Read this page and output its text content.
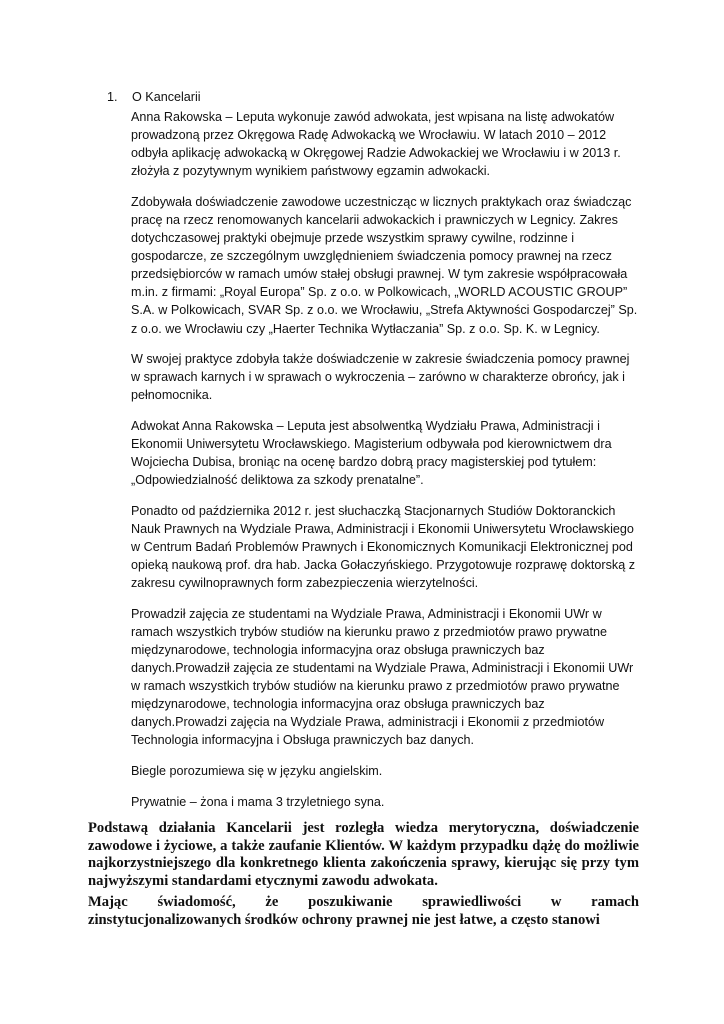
1. O Kancelarii

Anna Rakowska – Leputa wykonuje zawód adwokata, jest wpisana na listę adwokatów prowadzoną przez Okręgowa Radę Adwokacką we Wrocławiu. W latach 2010 – 2012 odbyła aplikację adwokacką w Okręgowej Radzie Adwokackiej we Wrocławiu i w 2013 r. złożyła z pozytywnym wynikiem państwowy egzamin adwokacki.

Zdobywała doświadczenie zawodowe uczestnicząc w licznych praktykach oraz świadcząc pracę na rzecz renomowanych kancelarii adwokackich i prawniczych w Legnicy. Zakres dotychczasowej praktyki obejmuje przede wszystkim sprawy cywilne, rodzinne i gospodarcze, ze szczególnym uwzględnieniem świadczenia pomocy prawnej na rzecz przedsiębiorców w ramach umów stałej obsługi prawnej. W tym zakresie współpracowała m.in. z firmami: „Royal Europa” Sp. z o.o. w Polkowicach, „WORLD ACOUSTIC GROUP” S.A. w Polkowicach, SVAR Sp. z o.o. we Wrocławiu, „Strefa Aktywności Gospodarczej” Sp. z o.o. we Wrocławiu czy „Haerter Technika Wytłaczania” Sp. z o.o. Sp. K. w Legnicy.

W swojej praktyce zdobyła także doświadczenie w zakresie świadczenia pomocy prawnej w sprawach karnych i w sprawach o wykroczenia – zarówno w charakterze obrońcy, jak i pełnomocnika.

Adwokat Anna Rakowska – Leputa jest absolwentką Wydziału Prawa, Administracji i Ekonomii Uniwersytetu Wrocławskiego. Magisterium odbywała pod kierownictwem dra Wojciecha Dubisa, broniąc na ocenę bardzo dobrą pracy magisterskiej pod tytułem: „Odpowiedzialność deliktowa za szkody prenatalne”.

Ponadto od października 2012 r. jest słuchaczką Stacjonarnych Studiów Doktoranckich Nauk Prawnych na Wydziale Prawa, Administracji i Ekonomii Uniwersytetu Wrocławskiego w Centrum Badań Problemów Prawnych i Ekonomicznych Komunikacji Elektronicznej pod opieką naukową prof. dra hab. Jacka Gołaczyńskiego. Przygotowuje rozprawę doktorską z zakresu cywilnoprawnych form zabezpieczenia wierzytelności.

Prowadził zajęcia ze studentami na Wydziale Prawa, Administracji i Ekonomii UWr w ramach wszystkich trybów studiów na kierunku prawo z przedmiotów prawo prywatne międzynarodowe, technologia informacyjna oraz obsługa prawniczych baz danych.Prowadził zajęcia ze studentami na Wydziale Prawa, Administracji i Ekonomii UWr w ramach wszystkich trybów studiów na kierunku prawo z przedmiotów prawo prywatne międzynarodowe, technologia informacyjna oraz obsługa prawniczych baz danych.Prowadzi zajęcia na Wydziale Prawa, administracji i Ekonomii z przedmiotów Technologia informacyjna i Obsługa prawniczych baz danych.

Biegle porozumiewa się w języku angielskim.

Prywatnie – żona i mama 3 trzyletniego syna.

Podstawą działania Kancelarii jest rozległa wiedza merytoryczna, doświadczenie zawodowe i życiowe, a także zaufanie Klientów. W każdym przypadku dążę do możliwie najkorzystniejszego dla konkretnego klienta zakończenia sprawy, kierując się przy tym najwyższymi standardami etycznymi zawodu adwokata.

Mając świadomość, że poszukiwanie sprawiedliwości w ramach zinstytucjonalizowanych środków ochrony prawnej nie jest łatwe, a często stanowi
